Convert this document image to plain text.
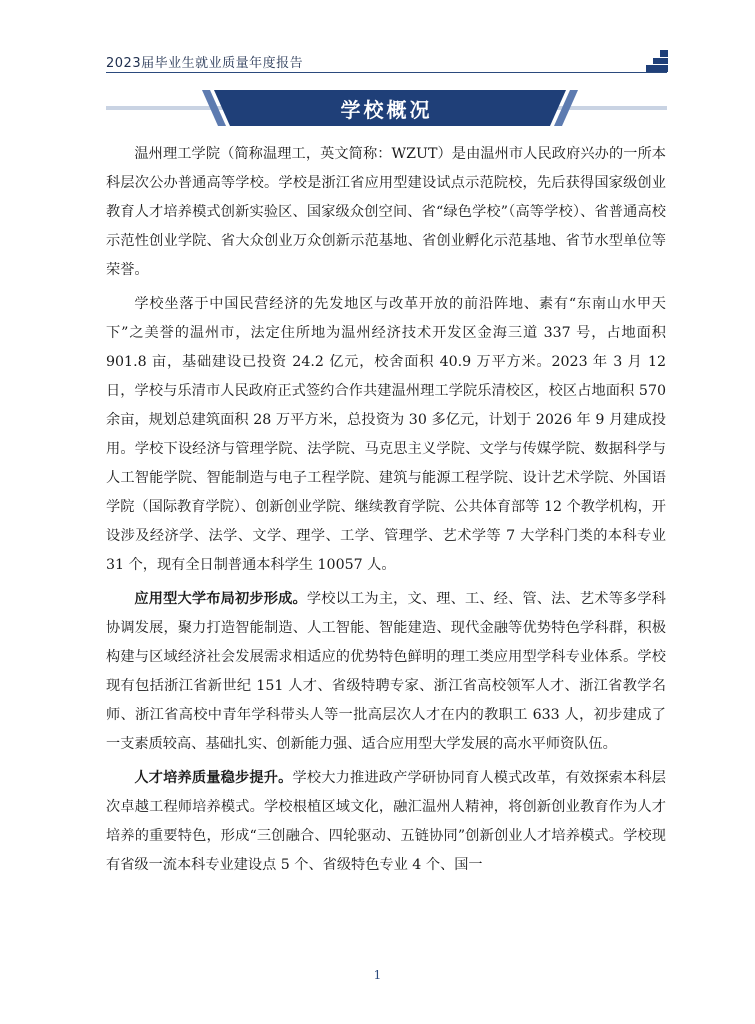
2023届毕业生就业质量年度报告
学校概况

温州理工学院（简称温理工，英文简称：WZUT）是由温州市人民政府兴办的一所本科层次公办普通高等学校。学校是浙江省应用型建设试点示范院校，先后获得国家级创业教育人才培养模式创新实验区、国家级众创空间、省“绿色学校”（高等学校）、省普通高校示范性创业学院、省大众创业万众创新示范基地、省创业孵化示范基地、省节水型单位等荣誉。

学校坐落于中国民营经济的先发地区与改革开放的前沿阵地、素有“东南山水甲天下”之美誉的温州市，法定住所地为温州经济技术开发区金海三道 337 号，占地面积 901.8 亩，基础建设已投资 24.2 亿元，校舍面积 40.9 万平方米。2023 年 3 月 12 日，学校与乐清市人民政府正式签约合作共建温州理工学院乐清校区，校区占地面积 570 余亩，规划总建筑面积 28 万平方米，总投资为 30 多亿元，计划于 2026 年 9 月建成投用。学校下设经济与管理学院、法学院、马克思主义学院、文学与传媒学院、数据科学与人工智能学院、智能制造与电子工程学院、建筑与能源工程学院、设计艺术学院、外国语学院（国际教育学院）、创新创业学院、继续教育学院、公共体育部等 12 个教学机构，开设涉及经济学、法学、文学、理学、工学、管理学、艺术学等 7 大学科门类的本科专业 31 个，现有全日制普通本科学生 10057 人。

应用型大学布局初步形成。学校以工为主，文、理、工、经、管、法、艺术等多学科协调发展，聚力打造智能制造、人工智能、智能建造、现代金融等优势特色学科群，积极构建与区域经济社会发展需求相适应的优势特色鲜明的理工类应用型学科专业体系。学校现有包括浙江省新世纪 151 人才、省级特聘专家、浙江省高校领军人才、浙江省教学名师、浙江省高校中青年学科带头人等一批高层次人才在内的教职工 633 人，初步建成了一支素质较高、基础扎实、创新能力强、适合应用型大学发展的高水平师资队伍。

人才培养质量稳步提升。学校大力推进政产学研协同育人模式改革，有效探索本科层次卓越工程师培养模式。学校根植区域文化，融汇温州人精神，将创新创业教育作为人才培养的重要特色，形成“三创融合、四轮驱动、五链协同”创新创业人才培养模式。学校现有省级一流本科专业建设点 5 个、省级特色专业 4 个、国一

1
